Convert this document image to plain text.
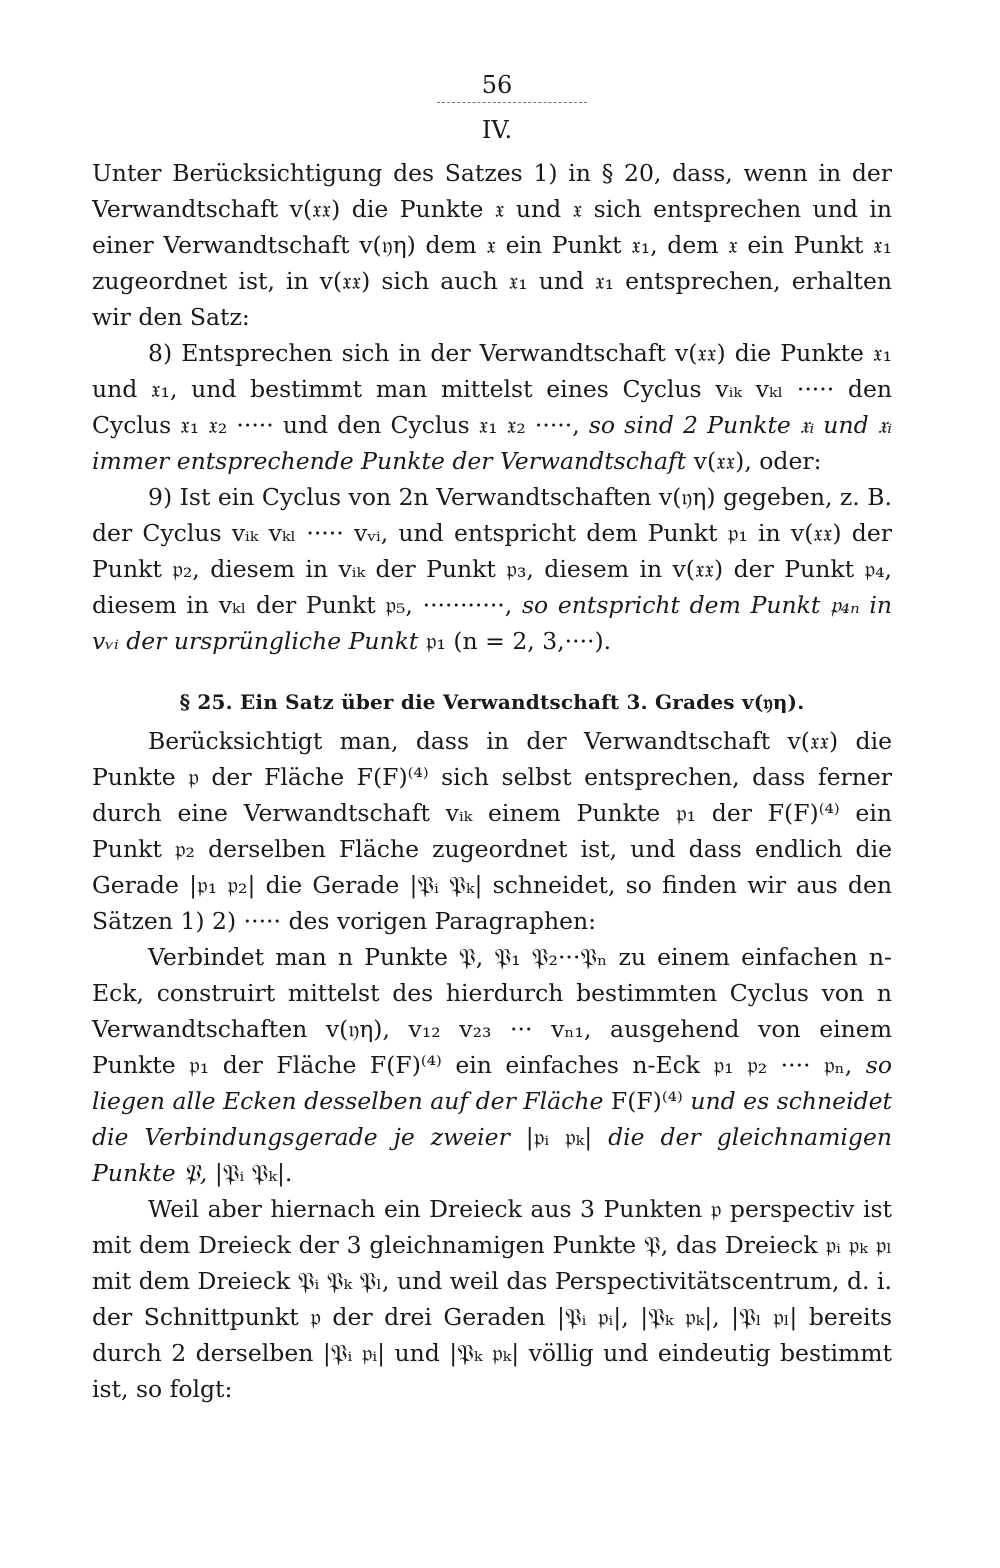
56
IV.

Unter Berücksichtigung des Satzes 1) in § 20, dass, wenn in der Verwandtschaft v(𝔵𝔵) die Punkte 𝔵 und 𝔵 sich entsprechen und in einer Verwandtschaft v(𝔶η) dem 𝔵 ein Punkt 𝔵₁, dem 𝔵 ein Punkt 𝔵₁ zugeordnet ist, in v(𝔵𝔵) sich auch 𝔵₁ und 𝔵₁ entsprechen, erhalten wir den Satz:

8) Entsprechen sich in der Verwandtschaft v(𝔵𝔵) die Punkte 𝔵₁ und 𝔵₁, und bestimmt man mittelst eines Cyclus vᵢₖ vₖₗ ····· den Cyclus 𝔵₁ 𝔵₂ ····· und den Cyclus 𝔵₁ 𝔵₂ ·····, so sind 2 Punkte 𝔵ᵢ und 𝔵ᵢ immer entsprechende Punkte der Verwandtschaft v(𝔵𝔵), oder:

9) Ist ein Cyclus von 2n Verwandtschaften v(𝔶η) gegeben, z. B. der Cyclus vᵢₖ vₖₗ ····· vᵥᵢ, und entspricht dem Punkt 𝔭₁ in v(𝔵𝔵) der Punkt 𝔭₂, diesem in vᵢₖ der Punkt 𝔭₃, diesem in v(𝔵𝔵) der Punkt 𝔭₄, diesem in vₖₗ der Punkt 𝔭₅, ···········, so entspricht dem Punkt 𝔭₄ₙ in vᵥᵢ der ursprüngliche Punkt 𝔭₁ (n = 2, 3,····).

§ 25. Ein Satz über die Verwandtschaft 3. Grades v(𝔶η).

Berücksichtigt man, dass in der Verwandtschaft v(𝔵𝔵) die Punkte 𝔭 der Fläche F(F)⁽⁴⁾ sich selbst entsprechen, dass ferner durch eine Verwandtschaft vᵢₖ einem Punkte 𝔭₁ der F(F)⁽⁴⁾ ein Punkt 𝔭₂ derselben Fläche zugeordnet ist, und dass endlich die Gerade |𝔭₁ 𝔭₂| die Gerade |𝔓ᵢ 𝔓ₖ| schneidet, so finden wir aus den Sätzen 1) 2) ····· des vorigen Paragraphen:

Verbindet man n Punkte 𝔓, 𝔓₁ 𝔓₂···𝔓ₙ zu einem einfachen n-Eck, construirt mittelst des hierdurch bestimmten Cyclus von n Verwandtschaften v(𝔶η), v₁₂ v₂₃ ··· vₙ₁, ausgehend von einem Punkte 𝔭₁ der Fläche F(F)⁽⁴⁾ ein einfaches n-Eck 𝔭₁ 𝔭₂ ···· 𝔭ₙ, so liegen alle Ecken desselben auf der Fläche F(F)⁽⁴⁾ und es schneidet die Verbindungsgerade je zweier |𝔭ᵢ 𝔭ₖ| die der gleichnamigen Punkte 𝔓, |𝔓ᵢ 𝔓ₖ|.

Weil aber hiernach ein Dreieck aus 3 Punkten 𝔭 perspectiv ist mit dem Dreieck der 3 gleichnamigen Punkte 𝔓, das Dreieck 𝔭ᵢ 𝔭ₖ 𝔭ₗ mit dem Dreieck 𝔓ᵢ 𝔓ₖ 𝔓ₗ, und weil das Perspectivitätscentrum, d. i. der Schnittpunkt 𝔭 der drei Geraden |𝔓ᵢ 𝔭ᵢ|, |𝔓ₖ 𝔭ₖ|, |𝔓ₗ 𝔭ₗ| bereits durch 2 derselben |𝔓ᵢ 𝔭ᵢ| und |𝔓ₖ 𝔭ₖ| völlig und eindeutig bestimmt ist, so folgt:
